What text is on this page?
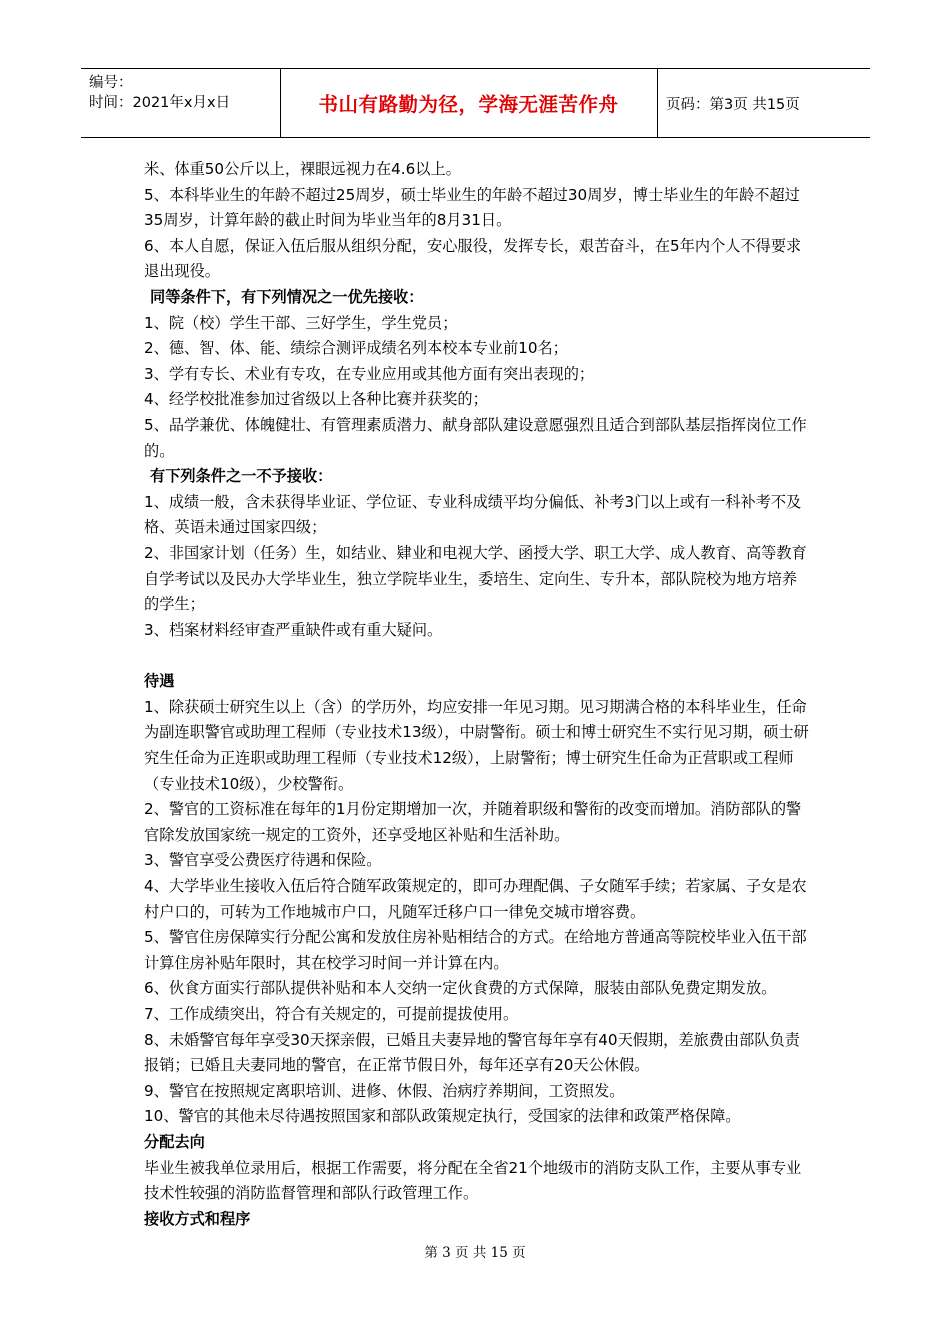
编号：
时间：2021年x月x日	书山有路勤为径，学海无涯苦作舟	页码：第3页 共15页

米、体重50公斤以上，裸眼远视力在4.6以上。

5、本科毕业生的年龄不超过25周岁，硕士毕业生的年龄不超过30周岁，博士毕业生的年龄不超过35周岁，计算年龄的截止时间为毕业当年的8月31日。

6、本人自愿，保证入伍后服从组织分配，安心服役，发挥专长，艰苦奋斗，在5年内个人不得要求退出现役。

同等条件下，有下列情况之一优先接收：

1、院（校）学生干部、三好学生，学生党员；

2、德、智、体、能、绩综合测评成绩名列本校本专业前10名；

3、学有专长、术业有专攻，在专业应用或其他方面有突出表现的；

4、经学校批准参加过省级以上各种比赛并获奖的；

5、品学兼优、体魄健壮、有管理素质潜力、献身部队建设意愿强烈且适合到部队基层指挥岗位工作的。

有下列条件之一不予接收：

1、成绩一般，含未获得毕业证、学位证、专业科成绩平均分偏低、补考3门以上或有一科补考不及格、英语未通过国家四级；

2、非国家计划（任务）生，如结业、肄业和电视大学、函授大学、职工大学、成人教育、高等教育自学考试以及民办大学毕业生，独立学院毕业生，委培生、定向生、专升本，部队院校为地方培养的学生；

3、档案材料经审查严重缺件或有重大疑问。

待遇

1、除获硕士研究生以上（含）的学历外，均应安排一年见习期。见习期满合格的本科毕业生，任命为副连职警官或助理工程师（专业技术13级），中尉警衔。硕士和博士研究生不实行见习期，硕士研究生任命为正连职或助理工程师（专业技术12级），上尉警衔；博士研究生任命为正营职或工程师（专业技术10级），少校警衔。

2、警官的工资标准在每年的1月份定期增加一次，并随着职级和警衔的改变而增加。消防部队的警官除发放国家统一规定的工资外，还享受地区补贴和生活补助。

3、警官享受公费医疗待遇和保险。

4、大学毕业生接收入伍后符合随军政策规定的，即可办理配偶、子女随军手续；若家属、子女是农村户口的，可转为工作地城市户口，凡随军迁移户口一律免交城市增容费。

5、警官住房保障实行分配公寓和发放住房补贴相结合的方式。在给地方普通高等院校毕业入伍干部计算住房补贴年限时，其在校学习时间一并计算在内。

6、伙食方面实行部队提供补贴和本人交纳一定伙食费的方式保障，服装由部队免费定期发放。

7、工作成绩突出，符合有关规定的，可提前提拔使用。

8、未婚警官每年享受30天探亲假，已婚且夫妻异地的警官每年享有40天假期，差旅费由部队负责报销；已婚且夫妻同地的警官，在正常节假日外，每年还享有20天公休假。

9、警官在按照规定离职培训、进修、休假、治病疗养期间，工资照发。

10、警官的其他未尽待遇按照国家和部队政策规定执行，受国家的法律和政策严格保障。

分配去向

毕业生被我单位录用后，根据工作需要，将分配在全省21个地级市的消防支队工作，主要从事专业技术性较强的消防监督管理和部队行政管理工作。

接收方式和程序

第 3 页 共 15 页
